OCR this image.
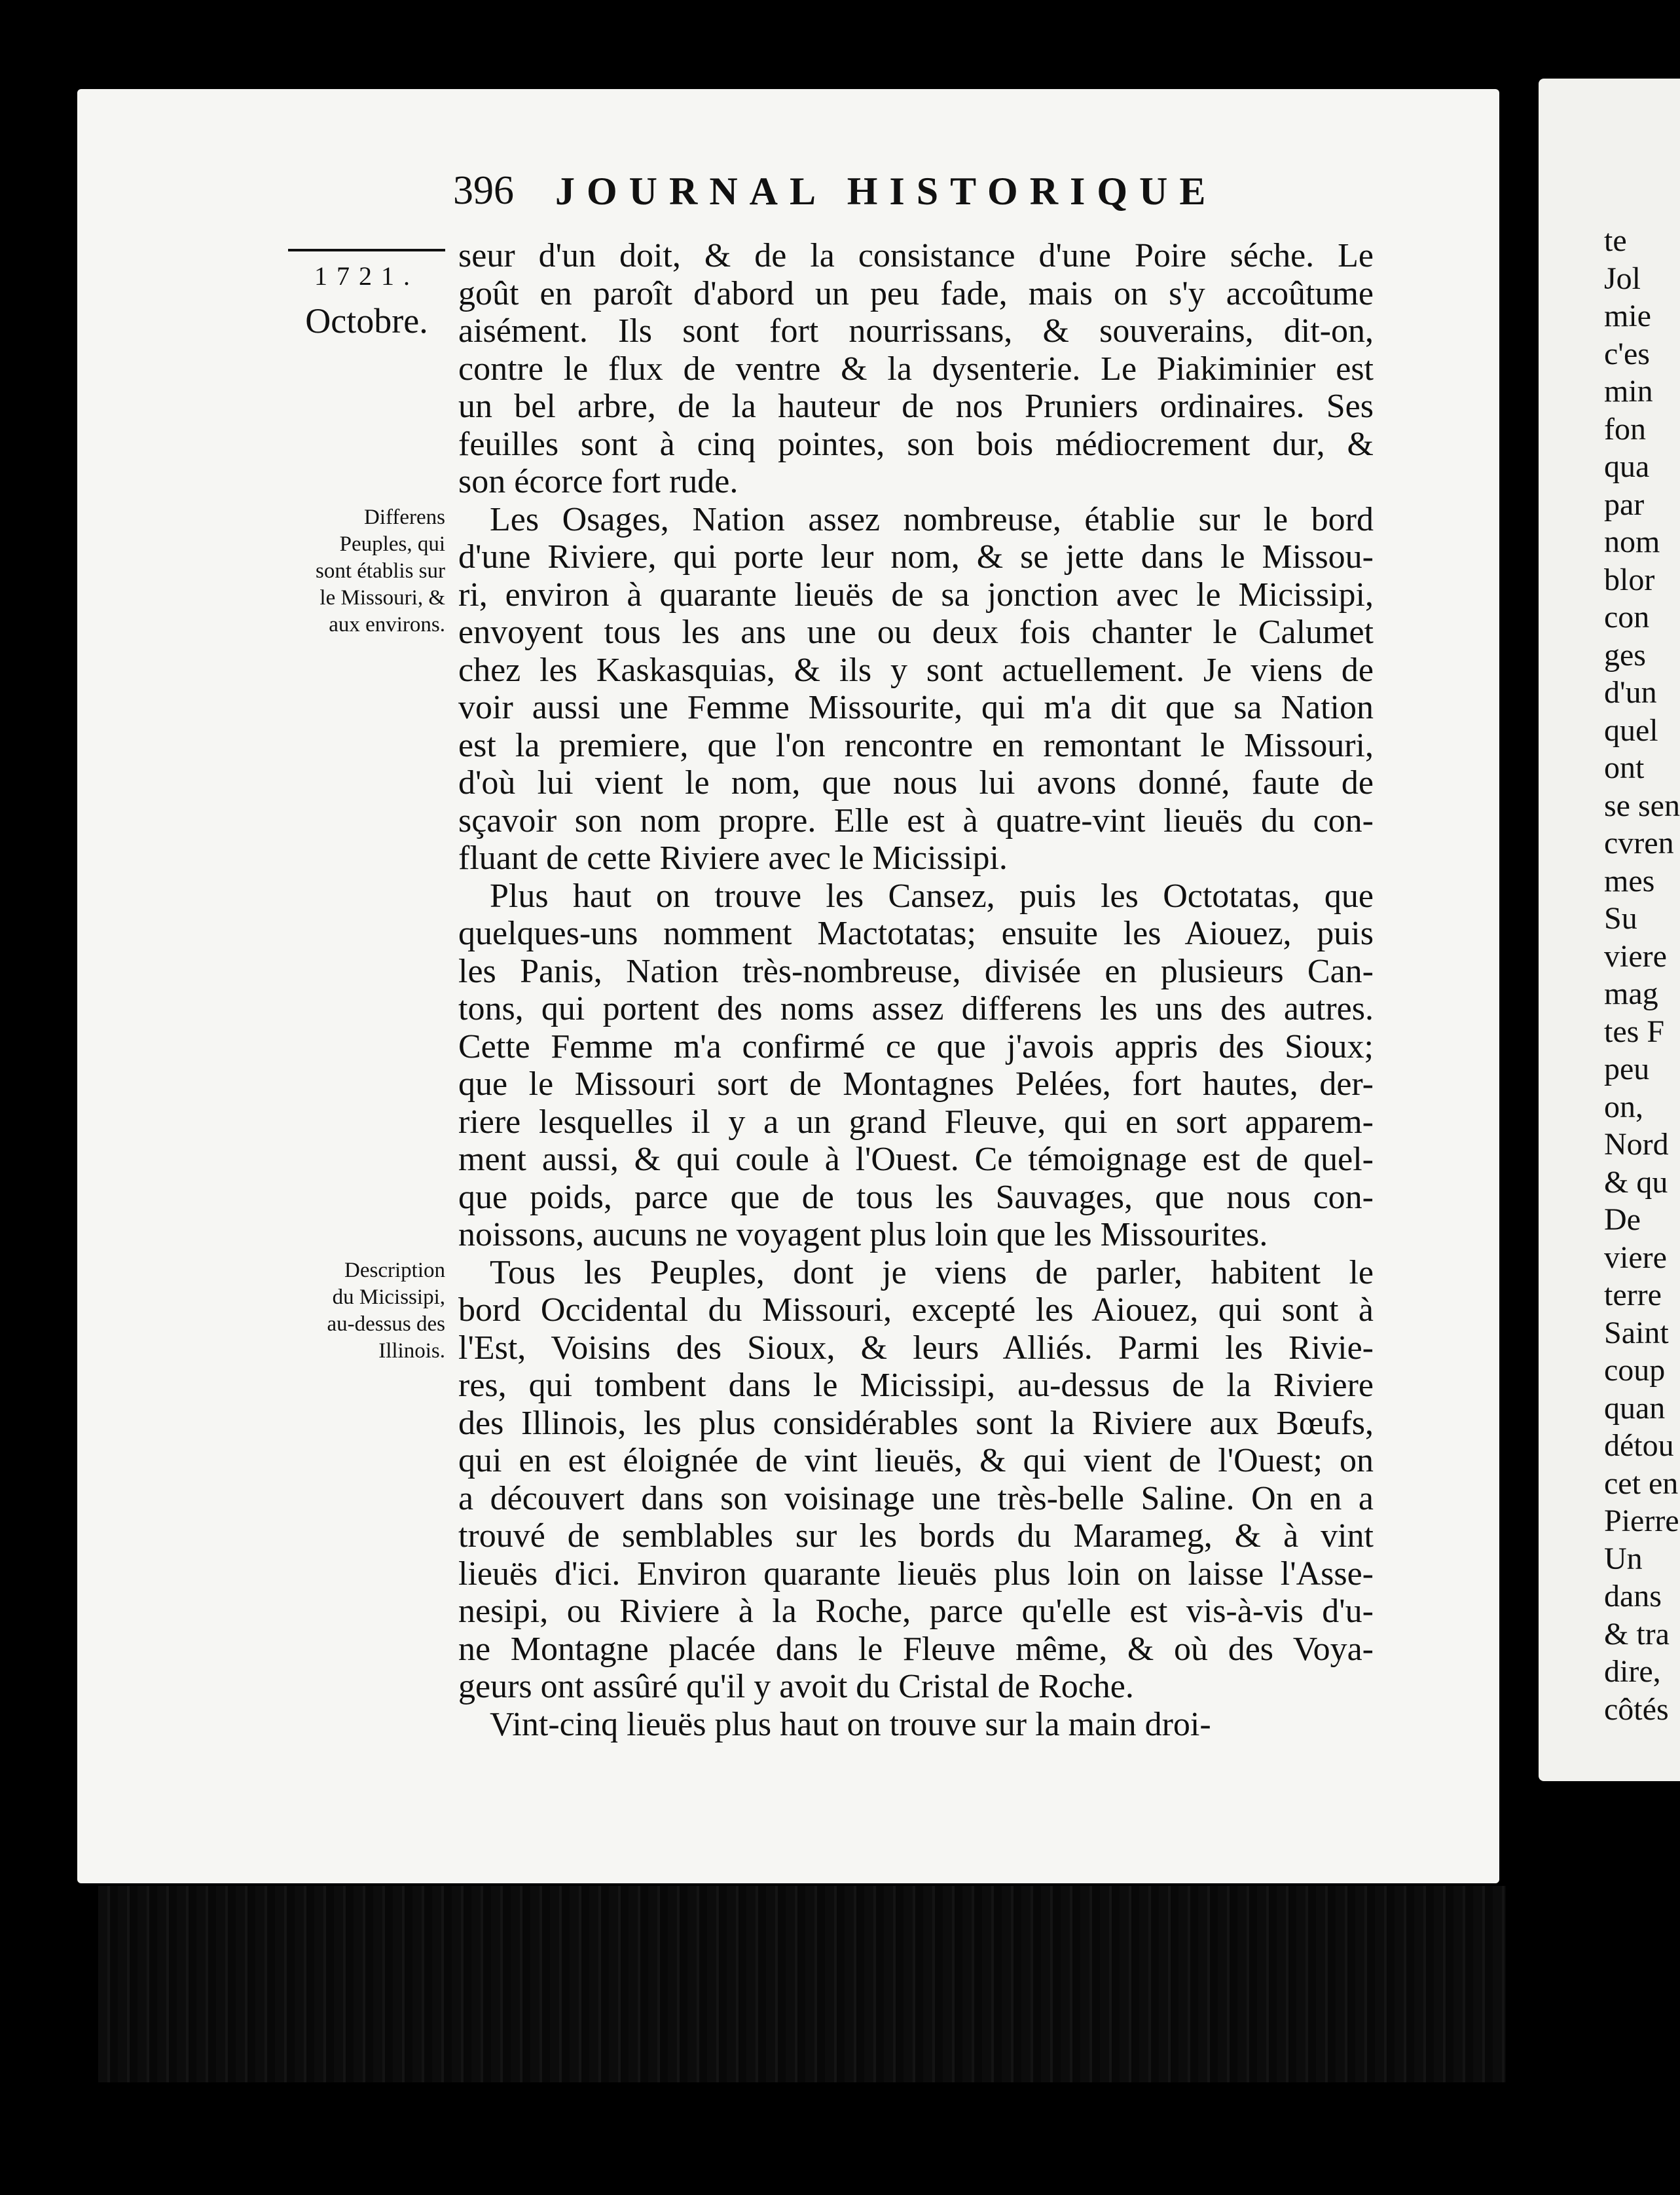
396 JOURNAL HISTORIQUE
1721.
Octobre.
Differens
Peuples, qui
sont établis sur
le Missouri, &
aux environs.
Description
du Micissipi,
au-dessus des
Illinois.
seur d'un doit, & de la consistance d'une Poire séche. Le
goût en paroît d'abord un peu fade, mais on s'y accoûtume
aisément. Ils sont fort nourrissans, & souverains, dit-on,
contre le flux de ventre & la dysenterie. Le Piakiminier est
un bel arbre, de la hauteur de nos Pruniers ordinaires. Ses
feuilles sont à cinq pointes, son bois médiocrement dur, &
son écorce fort rude.
Les Osages, Nation assez nombreuse, établie sur le bord
d'une Riviere, qui porte leur nom, & se jette dans le Missou-
ri, environ à quarante lieuës de sa jonction avec le Micissipi,
envoyent tous les ans une ou deux fois chanter le Calumet
chez les Kaskasquias, & ils y sont actuellement. Je viens de
voir aussi une Femme Missourite, qui m'a dit que sa Nation
est la premiere, que l'on rencontre en remontant le Missouri,
d'où lui vient le nom, que nous lui avons donné, faute de
sçavoir son nom propre. Elle est à quatre-vint lieuës du con-
fluant de cette Riviere avec le Micissipi.
Plus haut on trouve les Cansez, puis les Octotatas, que
quelques-uns nomment Mactotatas; ensuite les Aiouez, puis
les Panis, Nation très-nombreuse, divisée en plusieurs Can-
tons, qui portent des noms assez differens les uns des autres.
Cette Femme m'a confirmé ce que j'avois appris des Sioux;
que le Missouri sort de Montagnes Pelées, fort hautes, der-
riere lesquelles il y a un grand Fleuve, qui en sort apparem-
ment aussi, & qui coule à l'Ouest. Ce témoignage est de quel-
que poids, parce que de tous les Sauvages, que nous con-
noissons, aucuns ne voyagent plus loin que les Missourites.
Tous les Peuples, dont je viens de parler, habitent le
bord Occidental du Missouri, excepté les Aiouez, qui sont à
l'Est, Voisins des Sioux, & leurs Alliés. Parmi les Rivie-
res, qui tombent dans le Micissipi, au-dessus de la Riviere
des Illinois, les plus considérables sont la Riviere aux Bœufs,
qui en est éloignée de vint lieuës, & qui vient de l'Ouest; on
a découvert dans son voisinage une très-belle Saline. On en a
trouvé de semblables sur les bords du Marameg, & à vint
lieuës d'ici. Environ quarante lieuës plus loin on laisse l'Asse-
nesipi, ou Riviere à la Roche, parce qu'elle est vis-à-vis d'u-
ne Montagne placée dans le Fleuve même, & où des Voya-
geurs ont assûré qu'il y avoit du Cristal de Roche.
Vint-cinq lieuës plus haut on trouve sur la main droi-
te
Jol
mie
c'es
min
fon
qua
par
nom
blor
con
ges
d'un
quel
ont
se sen
cvren
mes
Su
viere
mag
tes F
peu
on,
Nord
& qu
De
viere
terre
Saint
coup
quan
détou
cet en
Pierre
Un
dans
& tra
dire,
côtés
